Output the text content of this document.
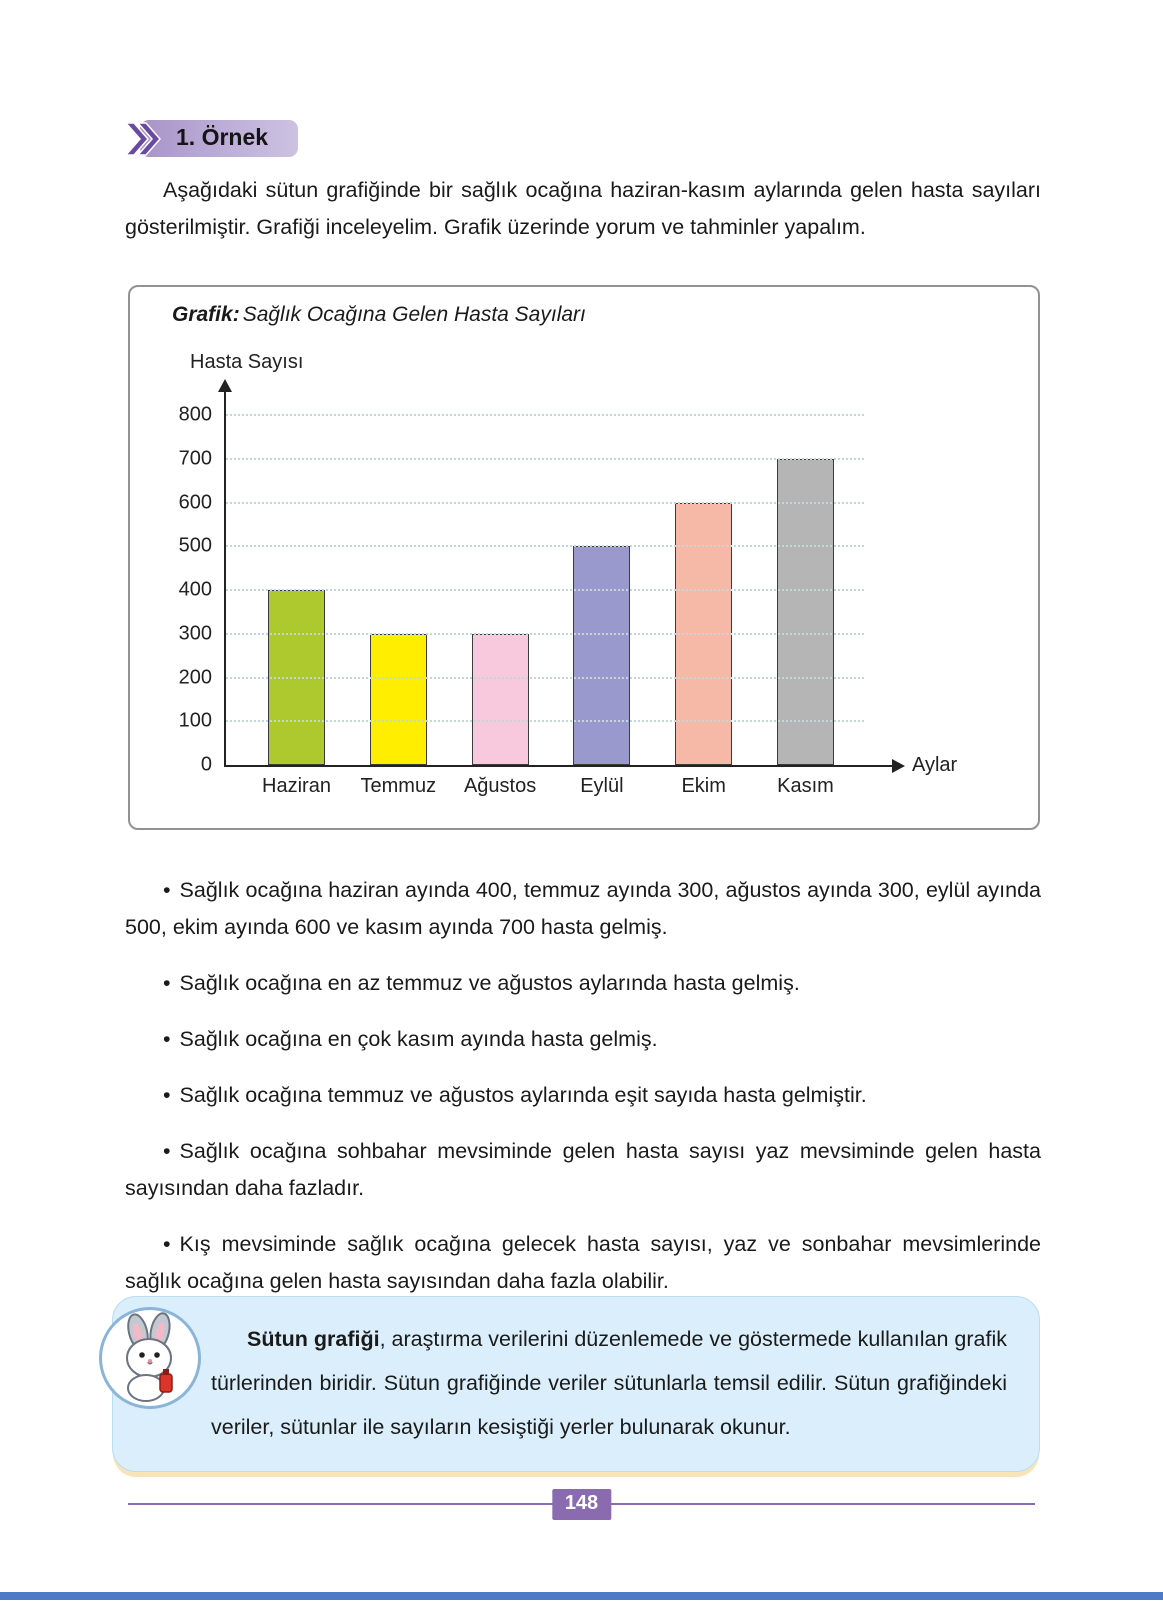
1. Örnek

Aşağıdaki sütun grafiğinde bir sağlık ocağına haziran-kasım aylarında gelen hasta sayıları gösterilmiştir. Grafiği inceleyelim. Grafik üzerinde yorum ve tahminler yapalım.

Grafik: Sağlık Ocağına Gelen Hasta Sayıları
Hasta Sayısı
Aylar
Haziran Temmuz Ağustos Eylül	Ekim	Kasım
0
100
200
300
400
500
600
700
800

• Sağlık ocağına haziran ayında 400, temmuz ayında 300, ağustos ayında 300, eylül ayında 500, ekim ayında 600 ve kasım ayında 700 hasta gelmiş.

• Sağlık ocağına en az temmuz ve ağustos aylarında hasta gelmiş.

• Sağlık ocağına en çok kasım ayında hasta gelmiş.

• Sağlık ocağına temmuz ve ağustos aylarında eşit sayıda hasta gelmiştir.

• Sağlık ocağına sohbahar mevsiminde gelen hasta sayısı yaz mevsiminde gelen hasta sayısından daha fazladır.

• Kış mevsiminde sağlık ocağına gelecek hasta sayısı, yaz ve sonbahar mevsimlerinde sağlık ocağına gelen hasta sayısından daha fazla olabilir.

Sütun grafiği, araştırma verilerini düzenlemede ve göstermede kullanılan grafik türlerinden biridir. Sütun grafiğinde veriler sütunlarla temsil edilir. Sütun grafiğindeki veriler, sütunlar ile sayıların kesiştiği yerler bulunarak okunur.

148
